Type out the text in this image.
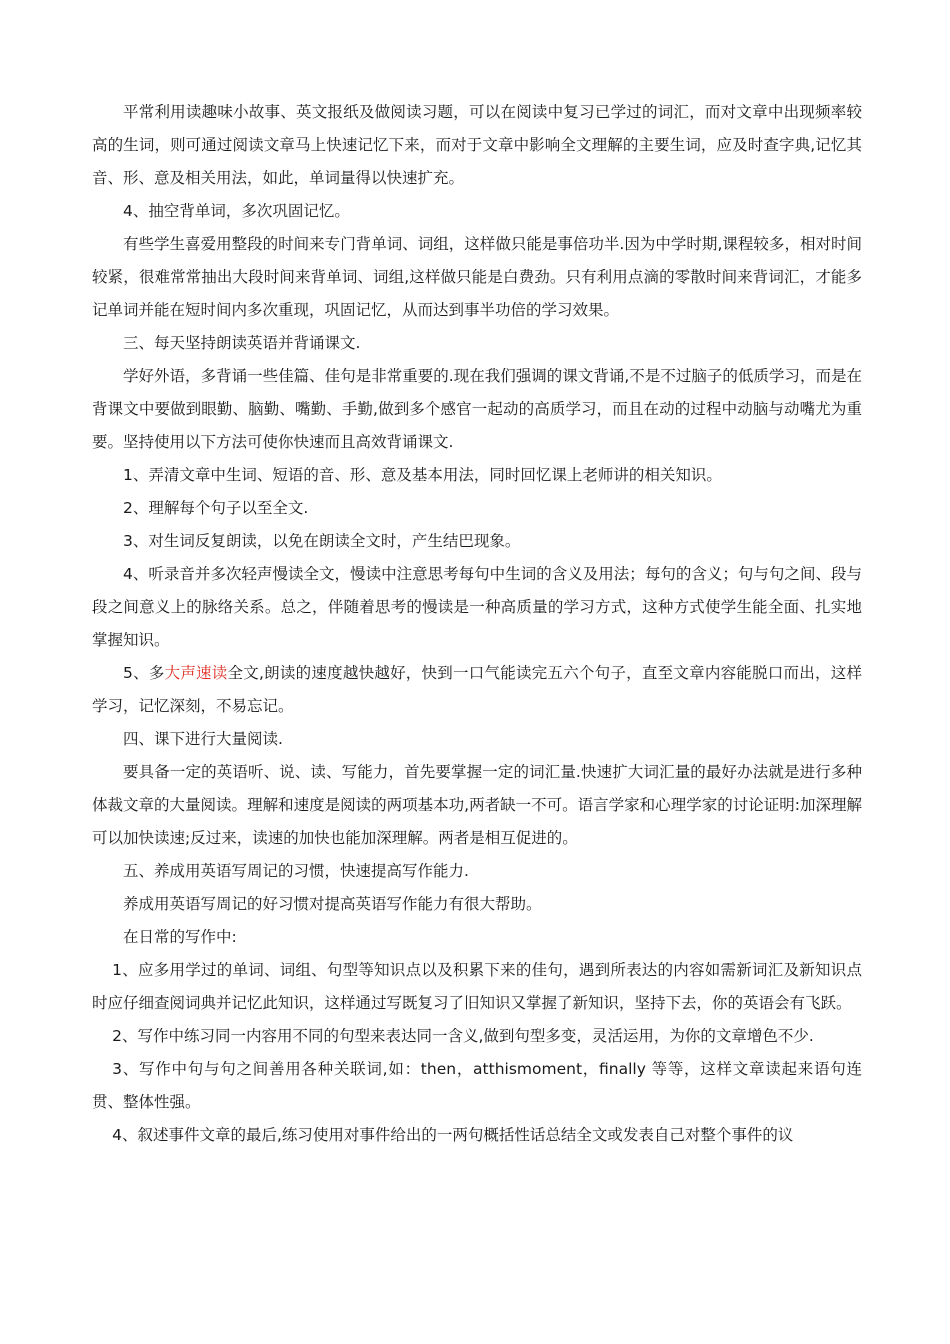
平常利用读趣味小故事、英文报纸及做阅读习题，可以在阅读中复习已学过的词汇，而对文章中出现频率较高的生词，则可通过阅读文章马上快速记忆下来，而对于文章中影响全文理解的主要生词，应及时查字典,记忆其音、形、意及相关用法，如此，单词量得以快速扩充。

4、抽空背单词，多次巩固记忆。

有些学生喜爱用整段的时间来专门背单词、词组，这样做只能是事倍功半.因为中学时期,课程较多，相对时间较紧，很难常常抽出大段时间来背单词、词组,这样做只能是白费劲。只有利用点滴的零散时间来背词汇，才能多记单词并能在短时间内多次重现，巩固记忆，从而达到事半功倍的学习效果。

三、每天坚持朗读英语并背诵课文.

学好外语，多背诵一些佳篇、佳句是非常重要的.现在我们强调的课文背诵,不是不过脑子的低质学习，而是在背课文中要做到眼勤、脑勤、嘴勤、手勤,做到多个感官一起动的高质学习，而且在动的过程中动脑与动嘴尤为重要。坚持使用以下方法可使你快速而且高效背诵课文.

1、弄清文章中生词、短语的音、形、意及基本用法，同时回忆课上老师讲的相关知识。

2、理解每个句子以至全文.

3、对生词反复朗读，以免在朗读全文时，产生结巴现象。

4、听录音并多次轻声慢读全文，慢读中注意思考每句中生词的含义及用法；每句的含义；句与句之间、段与段之间意义上的脉络关系。总之，伴随着思考的慢读是一种高质量的学习方式，这种方式使学生能全面、扎实地掌握知识。

5、多大声速读全文,朗读的速度越快越好，快到一口气能读完五六个句子，直至文章内容能脱口而出，这样学习，记忆深刻，不易忘记。

四、课下进行大量阅读.

要具备一定的英语听、说、读、写能力，首先要掌握一定的词汇量.快速扩大词汇量的最好办法就是进行多种体裁文章的大量阅读。理解和速度是阅读的两项基本功,两者缺一不可。语言学家和心理学家的讨论证明:加深理解可以加快读速;反过来，读速的加快也能加深理解。两者是相互促进的。

五、养成用英语写周记的习惯，快速提高写作能力.

养成用英语写周记的好习惯对提高英语写作能力有很大帮助。

在日常的写作中:

1、应多用学过的单词、词组、句型等知识点以及积累下来的佳句，遇到所表达的内容如需新词汇及新知识点时应仔细查阅词典并记忆此知识，这样通过写既复习了旧知识又掌握了新知识，坚持下去，你的英语会有飞跃。

2、写作中练习同一内容用不同的句型来表达同一含义,做到句型多变，灵活运用，为你的文章增色不少.

3、写作中句与句之间善用各种关联词,如：then，atthismoment，finally 等等，这样文章读起来语句连贯、整体性强。

4、叙述事件文章的最后,练习使用对事件给出的一两句概括性话总结全文或发表自己对整个事件的议
